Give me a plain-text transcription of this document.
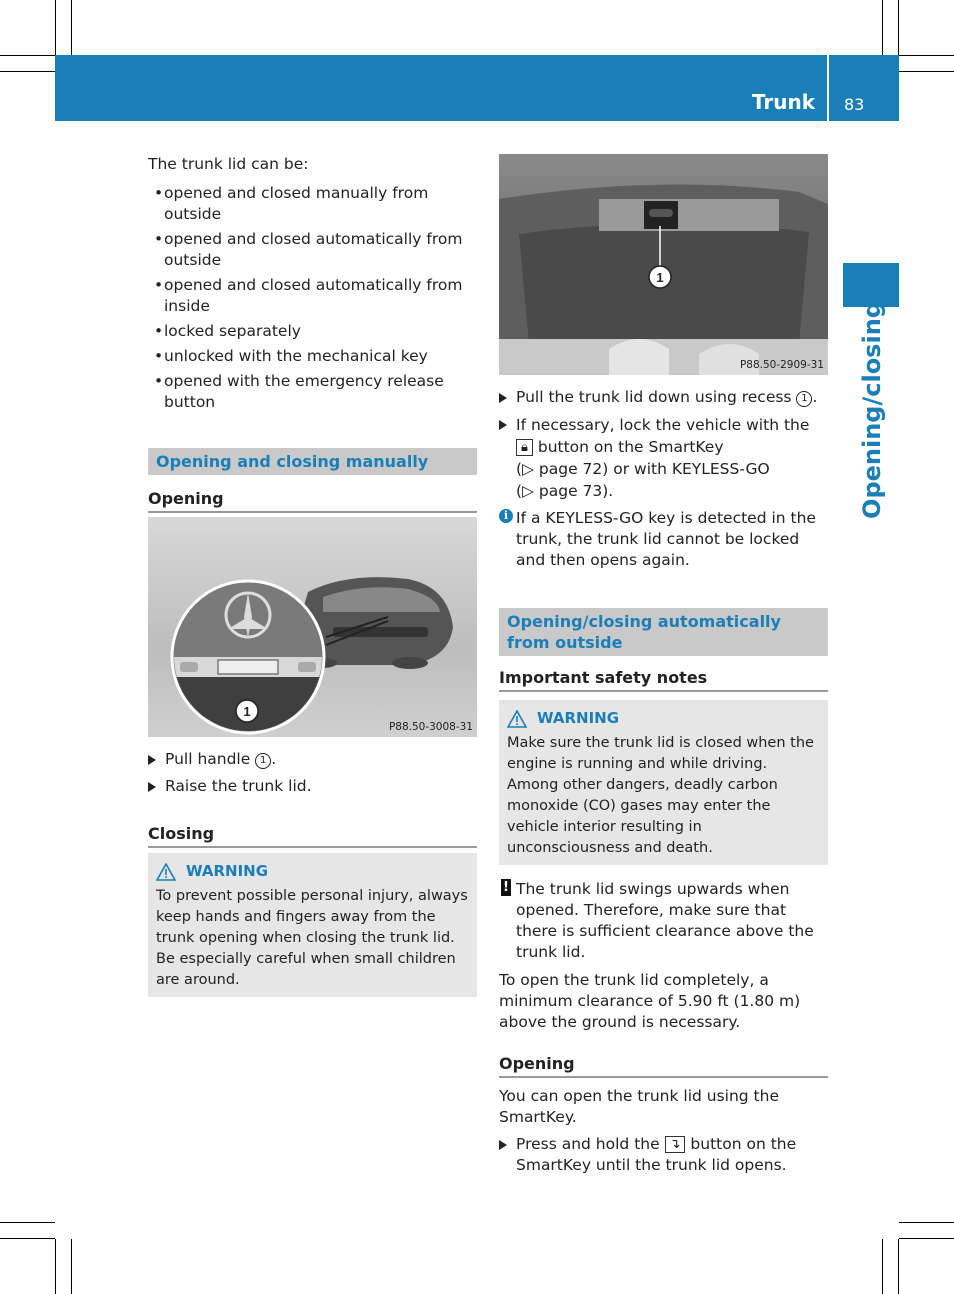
Trunk 83
Opening/closing

The trunk lid can be:

• opened and closed manually from outside
• opened and closed automatically from outside
• opened and closed automatically from inside
• locked separately
• unlocked with the mechanical key
• opened with the emergency release button
Opening and closing manually
Opening
1
P88.50-3008-31
Pull handle 1 .
Raise the trunk lid.
Closing
WARNING
To prevent possible personal injury, always keep hands and fingers away from the trunk opening when closing the trunk lid. Be especially careful when small children are around.
1
P88.50-2909-31
Pull the trunk lid down using recess 1 .
If necessary, lock the vehicle with the 🔒︎ button on the SmartKey
(▷ page 72) or with KEYLESS-GO
(▷ page 73).
i If a KEYLESS-GO key is detected in the trunk, the trunk lid cannot be locked and then opens again.
Opening/closing automatically from outside
Important safety notes
WARNING
Make sure the trunk lid is closed when the engine is running and while driving. Among other dangers, deadly carbon monoxide (CO) gases may enter the vehicle interior resulting in unconsciousness and death.
! The trunk lid swings upwards when opened. Therefore, make sure that there is sufficient clearance above the trunk lid.

To open the trunk lid completely, a minimum clearance of 5.90 ft (1.80 m) above the ground is necessary.

Opening

You can open the trunk lid using the SmartKey.

Press and hold the ↴ button on the SmartKey until the trunk lid opens.
